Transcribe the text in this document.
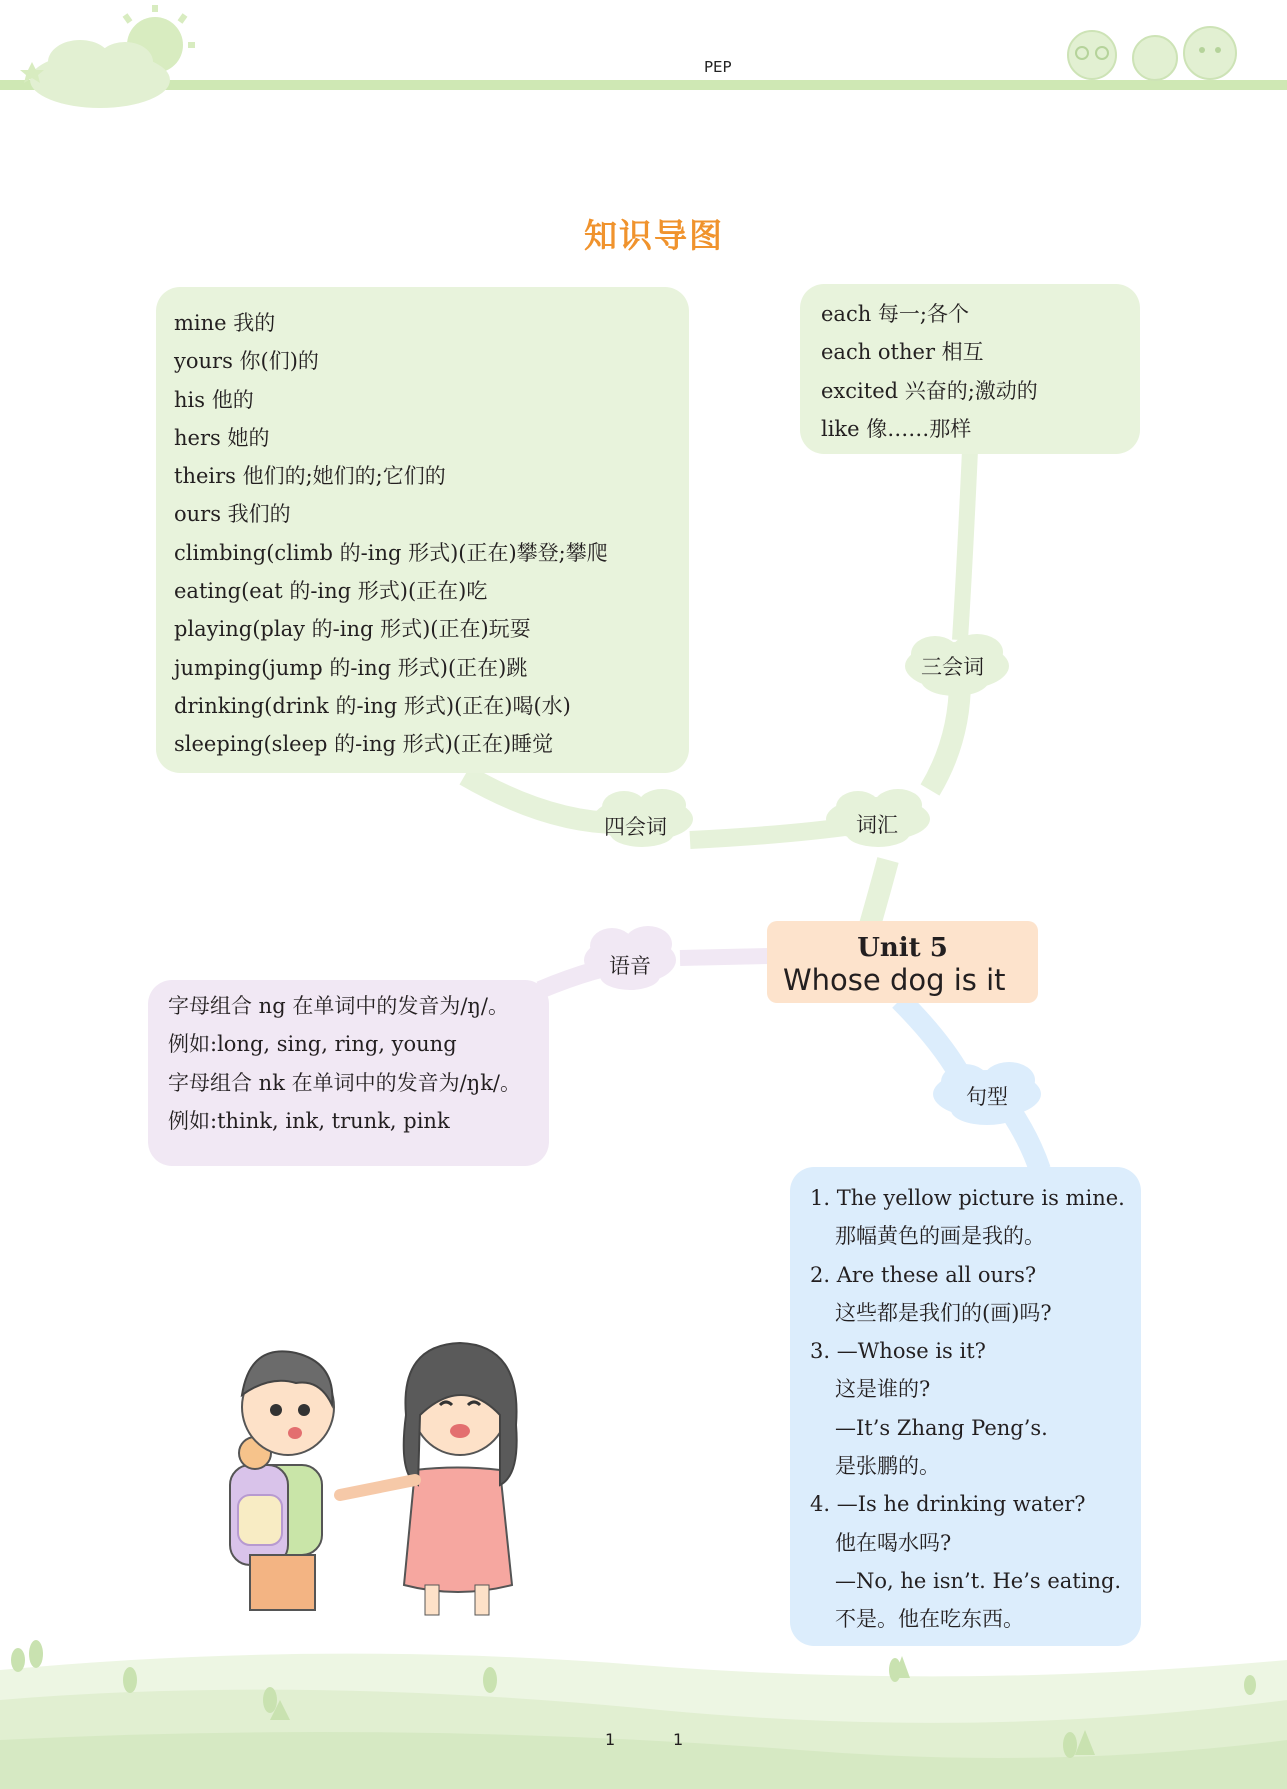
PEP
知识导图
mine 我的
yours 你(们)的
his 他的
hers 她的
theirs 他们的;她们的;它们的
ours 我们的
climbing(climb 的-ing 形式)(正在)攀登;攀爬
eating(eat 的-ing 形式)(正在)吃
playing(play 的-ing 形式)(正在)玩耍
jumping(jump 的-ing 形式)(正在)跳
drinking(drink 的-ing 形式)(正在)喝(水)
sleeping(sleep 的-ing 形式)(正在)睡觉
each 每一;各个
each other 相互
excited 兴奋的;激动的
like 像……那样
三会词
四会词	词汇
语音
句型
Unit 5
Whose dog is it
字母组合 ng 在单词中的发音为/ŋ/。
例如:long, sing, ring, young
字母组合 nk 在单词中的发音为/ŋk/。
例如:think, ink, trunk, pink
1. The yellow picture is mine.
那幅黄色的画是我的。
2. Are these all ours?
这些都是我们的(画)吗?
3. —Whose is it?
这是谁的?
—It’s Zhang Peng’s.
是张鹏的。
4. —Is he drinking water?
他在喝水吗?
—No, he isn’t. He’s eating.
不是。他在吃东西。
1	1
